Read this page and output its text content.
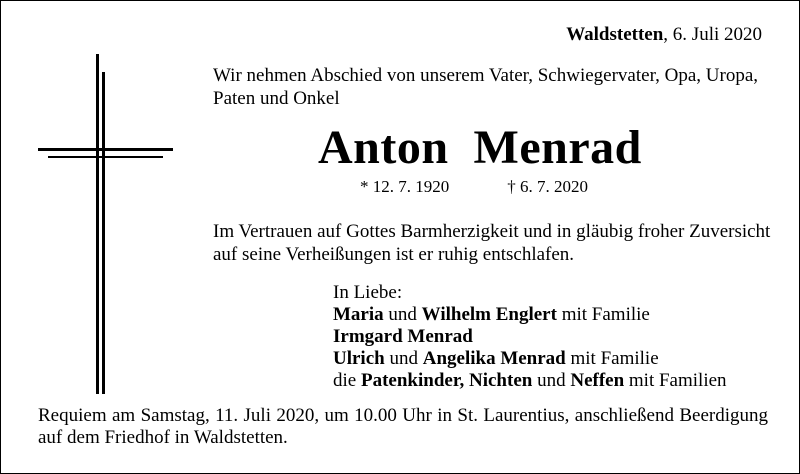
Waldstetten, 6. Juli 2020
Wir nehmen Abschied von unserem Vater, Schwiegervater, Opa, Uropa, Paten und Onkel
Anton  Menrad
* 12. 7. 1920	† 6. 7. 2020
Im Vertrauen auf Gottes Barmherzigkeit und in gläubig froher Zuversicht auf seine Verheißungen ist er ruhig entschlafen.
In Liebe:
Maria und Wilhelm Englert mit Familie
Irmgard Menrad
Ulrich und Angelika Menrad mit Familie
die Patenkinder, Nichten und Neffen mit Familien
Requiem am Samstag, 11. Juli 2020, um 10.00 Uhr in St. Laurentius, anschließend Beerdigung auf dem Friedhof in Waldstetten.
